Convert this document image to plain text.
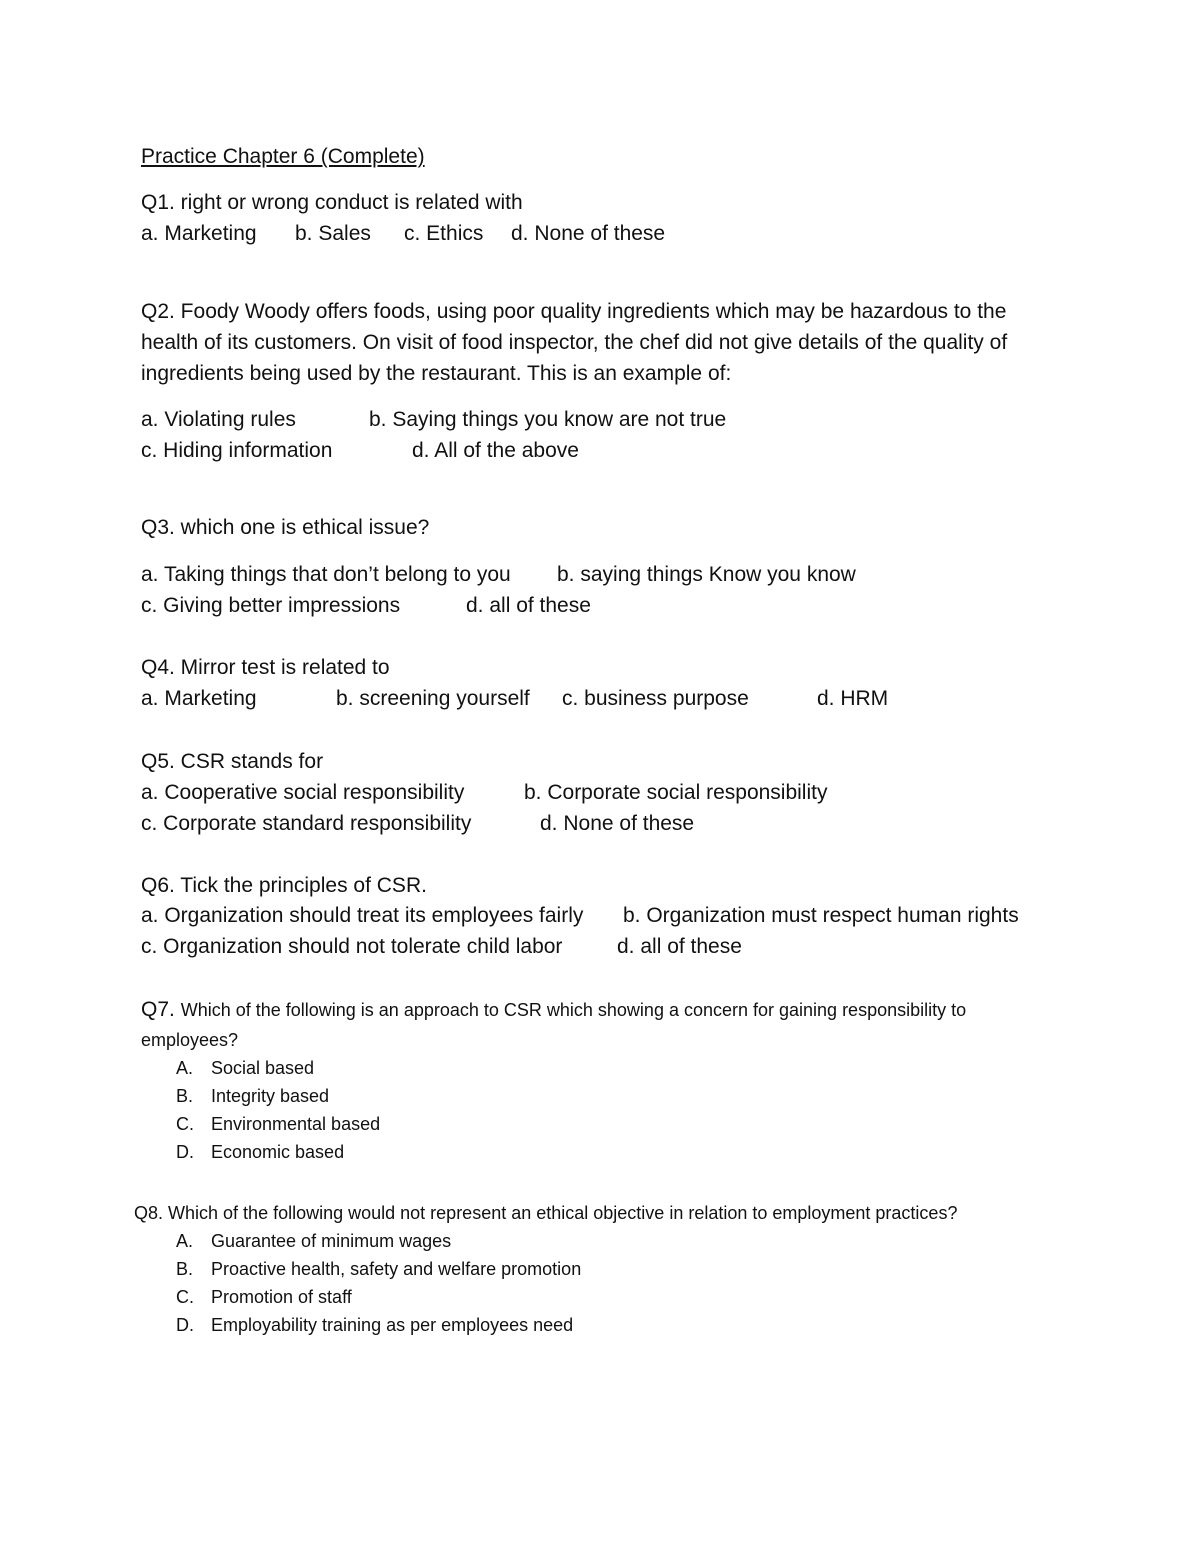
Practice Chapter 6 (Complete)
Q1. right or wrong conduct is related with
a. Marketing b. Sales c. Ethics d. None of these
Q2. Foody Woody offers foods, using poor quality ingredients which may be hazardous to the
health of its customers. On visit of food inspector, the chef did not give details of the quality of
ingredients being used by the restaurant. This is an example of:
a. Violating rules	b. Saying things you know are not true
c. Hiding information	d. All of the above
Q3. which one is ethical issue?
a. Taking things that don’t belong to you b. saying things Know you know
c. Giving better impressions	d. all of these
Q4. Mirror test is related to
a. Marketing	b. screening yourself c. business purpose	d. HRM
Q5. CSR stands for
a. Cooperative social responsibility	b. Corporate social responsibility
c. Corporate standard responsibility	d. None of these
Q6. Tick the principles of CSR.
a. Organization should treat its employees fairly b. Organization must respect human rights
c. Organization should not tolerate child labor	d. all of these
Q7. Which of the following is an approach to CSR which showing a concern for gaining responsibility to
employees?
A. Social based
B. Integrity based
C. Environmental based
D. Economic based
Q8. Which of the following would not represent an ethical objective in relation to employment practices?
A. Guarantee of minimum wages
B. Proactive health, safety and welfare promotion
C. Promotion of staff
D. Employability training as per employees need
